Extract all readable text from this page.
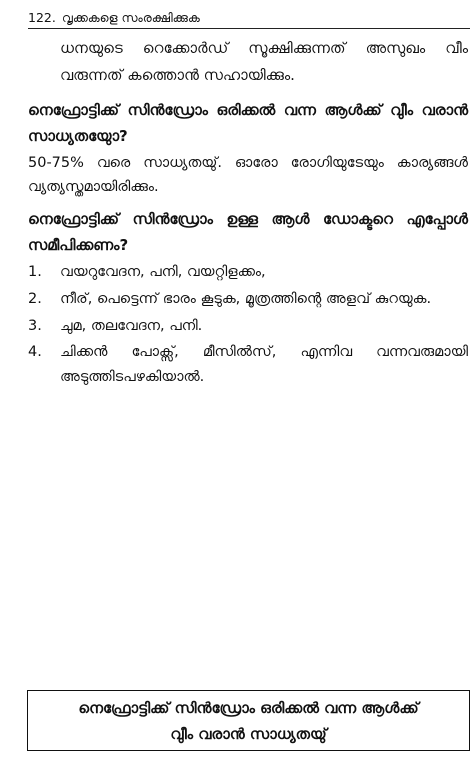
122. വൃക്കകളെ സംരക്ഷിക്കുക

ധനയുടെ റെക്കോർഡ് സൂക്ഷിക്കുന്നത് അസുഖം വീം
വരുന്നത് കത്തൊൻ സഹായിക്കും.

നെഫ്രോട്ടിക്ക് സിൻഡ്രോം ഒരിക്കൽ വന്ന ആൾക്ക് വീും വരാൻ
സാധ്യതയുോ?

50-75% വരെ സാധ്യതയു്. ഓരോ രോഗിയുടേയും കാര്യങ്ങൾ
വ്യത്യസ്തമായിരിക്കും.

നെഫ്രോട്ടിക്ക് സിൻഡ്രോം ഉള്ള ആൾ ഡോക്ടറെ എപ്പോൾ
സമീപിക്കണം?
1.	വയറുവേദന, പനി, വയറ്റിളക്കം,
2.	നീര്, പെട്ടെന്ന് ഭാരം കൂടുക, മൂത്രത്തിന്റെ അളവ് കുറയുക.
3.	ചുമ, തലവേദന, പനി.
4.	ചിക്കൻ പോക്സ്, മീസിൽസ്, എന്നിവ വന്നവരുമായി
അടുത്തിടപഴകിയാൽ.
നെഫ്രോട്ടിക്ക് സിൻഡ്രോം ഒരിക്കൽ വന്ന ആൾക്ക്
വീും വരാൻ സാധ്യതയു്
